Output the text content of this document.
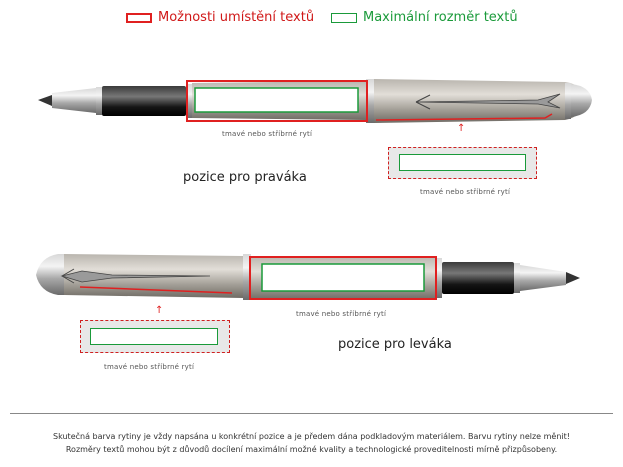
Možnosti umístění textů	Maximální rozměr textů
tmavé nebo stříbrné rytí	↑
tmavé nebo stříbrné rytí
pozice pro praváka
↑	tmavé nebo stříbrné rytí
tmavé nebo stříbrné rytí
pozice pro leváka
Skutečná barva rytiny je vždy napsána u konkrétní pozice a je předem dána podkladovým materiálem. Barvu rytiny nelze měnit!
Rozměry textů mohou být z důvodů docílení maximální možné kvality a technologické proveditelnosti mírně přizpůsobeny.
